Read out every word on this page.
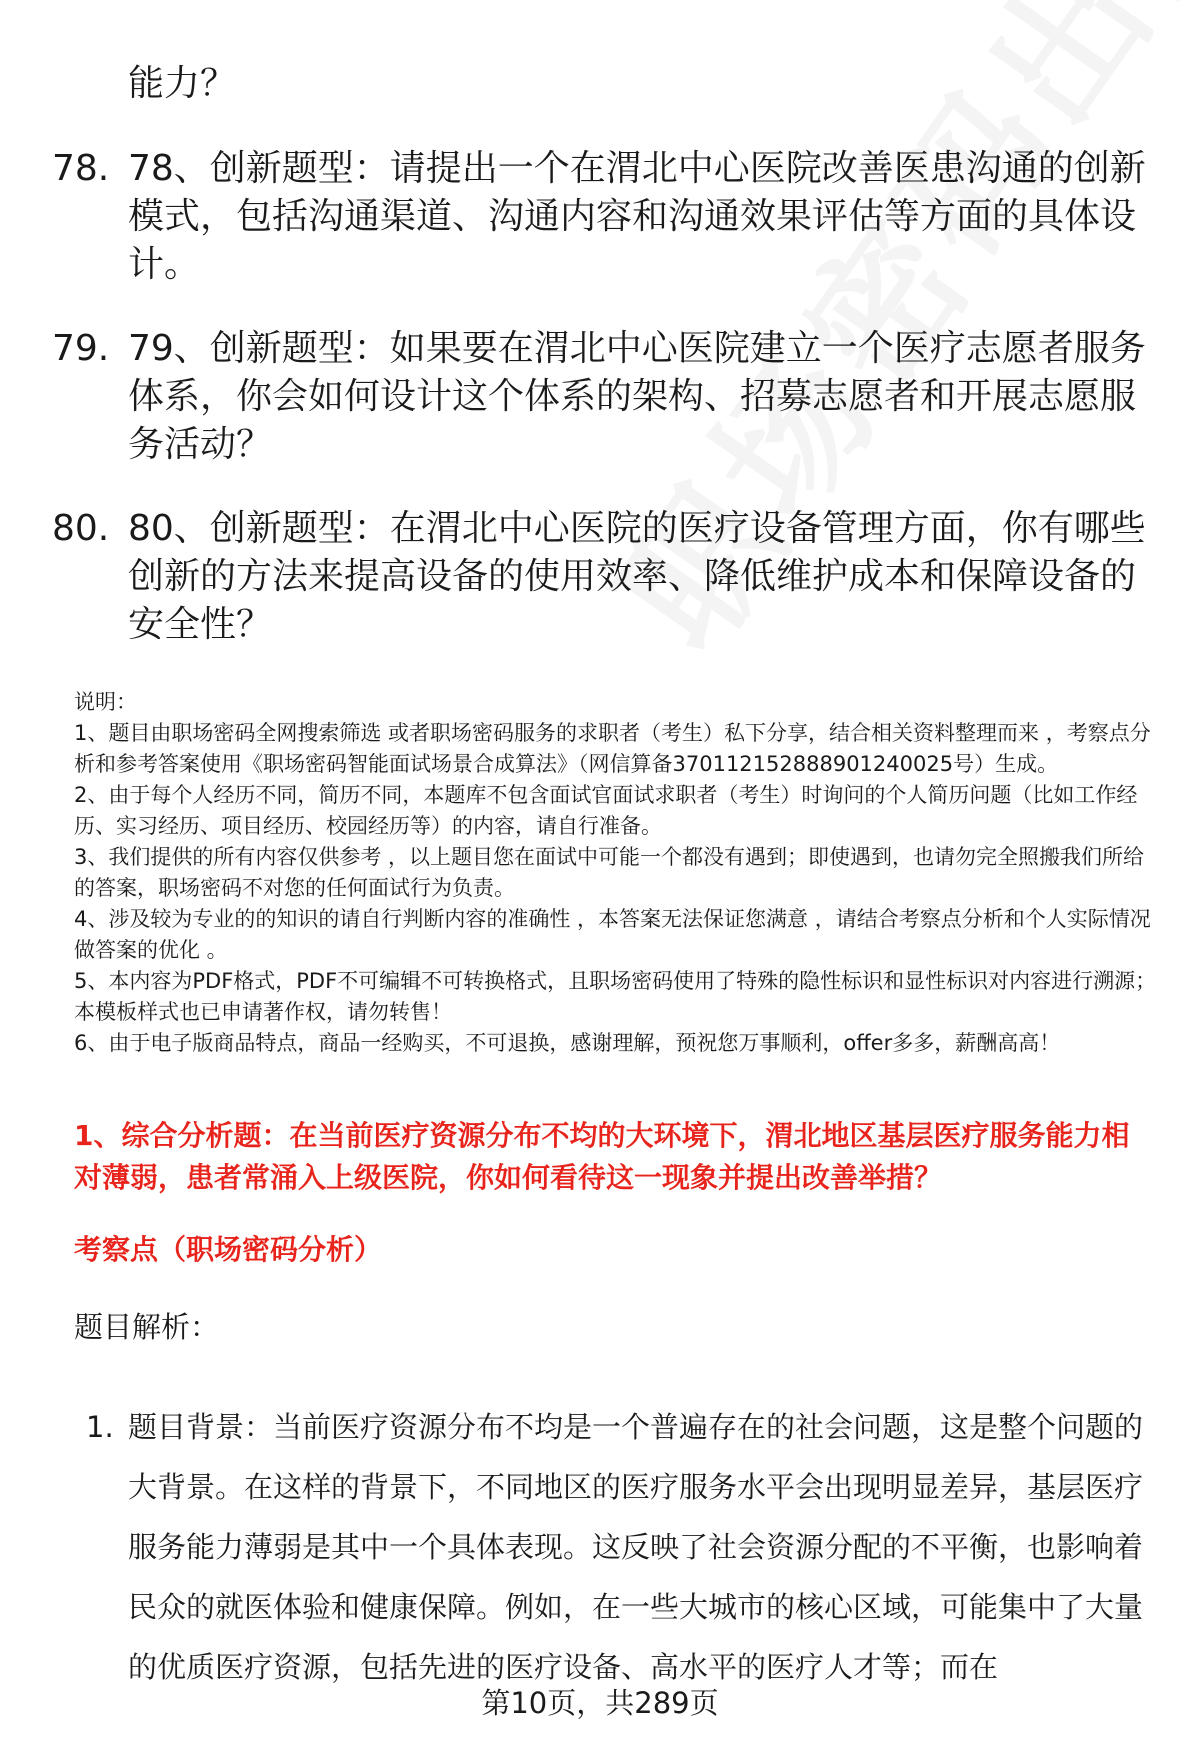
能力？
78. 78、创新题型：请提出一个在渭北中心医院改善医患沟通的创新模式，包括沟通渠道、沟通内容和沟通效果评估等方面的具体设计。
79. 79、创新题型：如果要在渭北中心医院建立一个医疗志愿者服务体系，你会如何设计这个体系的架构、招募志愿者和开展志愿服务活动？
80. 80、创新题型：在渭北中心医院的医疗设备管理方面，你有哪些创新的方法来提高设备的使用效率、降低维护成本和保障设备的安全性？

说明：

1、题目由职场密码全网搜索筛选 或者职场密码服务的求职者（考生）私下分享，结合相关资料整理而来 ，考察点分析和参考答案使用《职场密码智能面试场景合成算法》（网信算备370112152888901240025号）生成。

2、由于每个人经历不同，简历不同，本题库不包含面试官面试求职者（考生）时询问的个人简历问题（比如工作经历、实习经历、项目经历、校园经历等）的内容，请自行准备。

3、我们提供的所有内容仅供参考 ，以上题目您在面试中可能一个都没有遇到；即使遇到，也请勿完全照搬我们所给的答案，职场密码不对您的任何面试行为负责。

4、涉及较为专业的的知识的请自行判断内容的准确性 ，本答案无法保证您满意 ，请结合考察点分析和个人实际情况做答案的优化 。

5、本内容为PDF格式，PDF不可编辑不可转换格式，且职场密码使用了特殊的隐性标识和显性标识对内容进行溯源；本模板样式也已申请著作权，请勿转售！

6、由于电子版商品特点，商品一经购买，不可退换，感谢理解，预祝您万事顺利，offer多多，薪酬高高！

1、综合分析题：在当前医疗资源分布不均的大环境下，渭北地区基层医疗服务能力相对薄弱，患者常涌入上级医院，你如何看待这一现象并提出改善举措？
考察点（职场密码分析）
题目解析：
1. 题目背景：当前医疗资源分布不均是一个普遍存在的社会问题，这是整个问题的大背景。在这样的背景下，不同地区的医疗服务水平会出现明显差异，基层医疗服务能力薄弱是其中一个具体表现。这反映了社会资源分配的不平衡，也影响着民众的就医体验和健康保障。例如，在一些大城市的核心区域，可能集中了大量的优质医疗资源，包括先进的医疗设备、高水平的医疗人才等；而在
第10页，共289页
